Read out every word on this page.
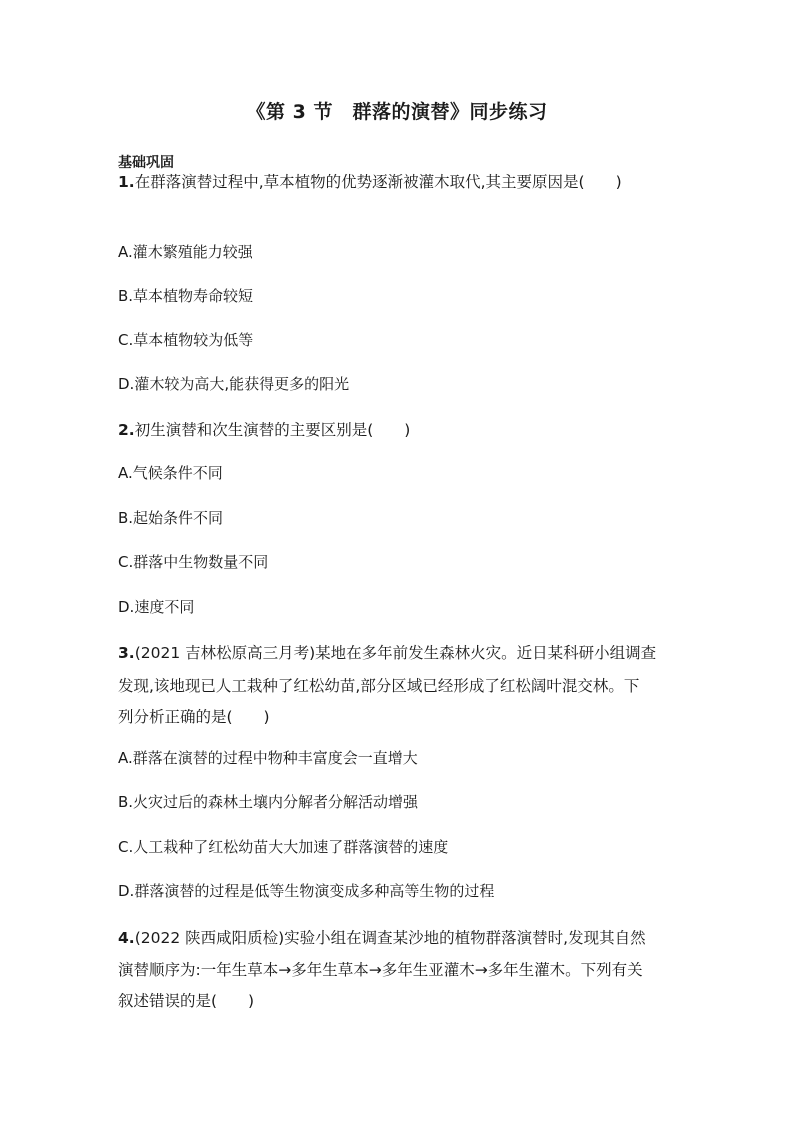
《第 3 节　群落的演替》同步练习
基础巩固
1.在群落演替过程中,草本植物的优势逐渐被灌木取代,其主要原因是(　　)
A.灌木繁殖能力较强
B.草本植物寿命较短
C.草本植物较为低等
D.灌木较为高大,能获得更多的阳光
2.初生演替和次生演替的主要区别是(　　)
A.气候条件不同
B.起始条件不同
C.群落中生物数量不同
D.速度不同
3.(2021 吉林松原高三月考)某地在多年前发生森林火灾。近日某科研小组调查
发现,该地现已人工栽种了红松幼苗,部分区域已经形成了红松阔叶混交林。下
列分析正确的是(　　)
A.群落在演替的过程中物种丰富度会一直增大
B.火灾过后的森林土壤内分解者分解活动增强
C.人工栽种了红松幼苗大大加速了群落演替的速度
D.群落演替的过程是低等生物演变成多种高等生物的过程
4.(2022 陕西咸阳质检)实验小组在调查某沙地的植物群落演替时,发现其自然
演替顺序为:一年生草本→多年生草本→多年生亚灌木→多年生灌木。下列有关
叙述错误的是(　　)
